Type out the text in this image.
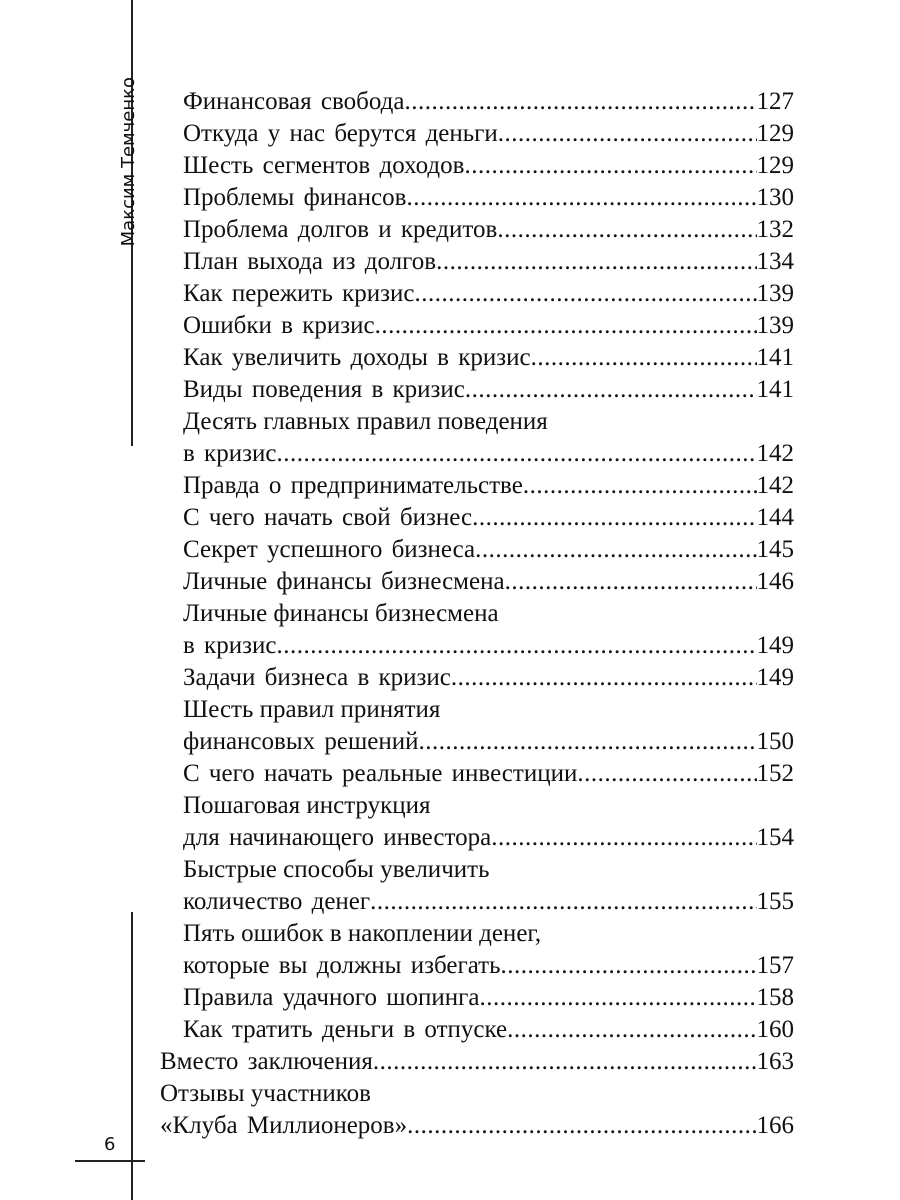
Максим Темченко
6
Финансовая свобода .....	127
Откуда у нас берутся деньги .....	129
Шесть сегментов доходов .....	129
Проблемы финансов .....	130
Проблема долгов и кредитов .....	132
План выхода из долгов .....	134
Как пережить кризис .....	139
Ошибки в кризис .....	139
Как увеличить доходы в кризис .....	141
Виды поведения в кризис .....	141
Десять главных правил поведения
в кризис .....	142
Правда о предпринимательстве .....	142
С чего начать свой бизнес .....	144
Секрет успешного бизнеса .....	145
Личные финансы бизнесмена .....	146
Личные финансы бизнесмена
в кризис .....	149
Задачи бизнеса в кризис .....	149
Шесть правил принятия
финансовых решений .....	150
С чего начать реальные инвестиции .....	152
Пошаговая инструкция
для начинающего инвестора .....	154
Быстрые способы увеличить
количество денег .....	155
Пять ошибок в накоплении денег,
которые вы должны избегать .....	157
Правила удачного шопинга .....	158
Как тратить деньги в отпуске .....	160
Вместо заключения .....	163
Отзывы участников
«Клуба Миллионеров» .....	166
